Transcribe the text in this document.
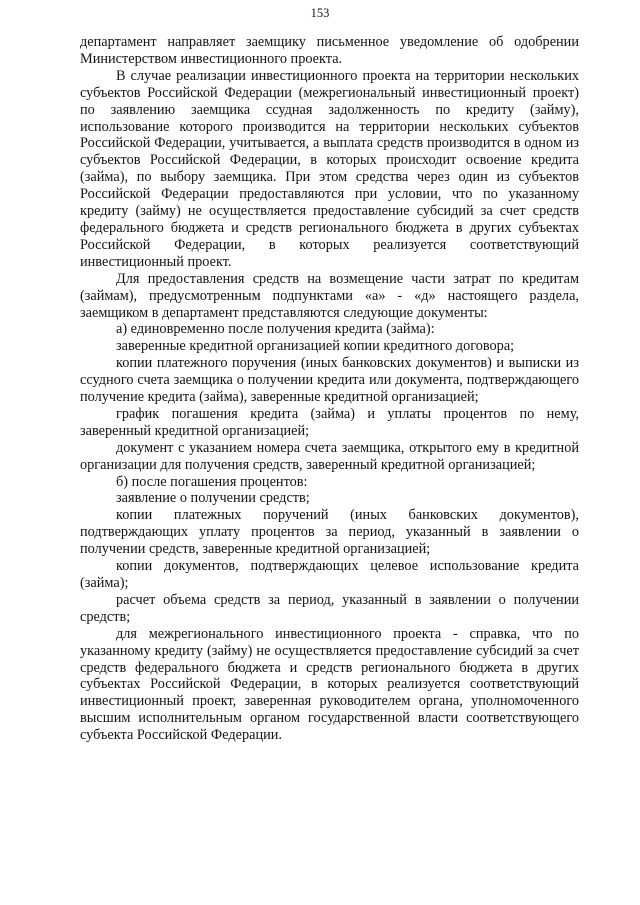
153

департамент направляет заемщику письменное уведомление об одобрении Министерством инвестиционного проекта.

В случае реализации инвестиционного проекта на территории нескольких субъектов Российской Федерации (межрегиональный инвестиционный проект) по заявлению заемщика ссудная задолженность по кредиту (займу), использование которого производится на территории нескольких субъектов Российской Федерации, учитывается, а выплата средств производится в одном из субъектов Российской Федерации, в которых происходит освоение кредита (займа), по выбору заемщика. При этом средства через один из субъектов Российской Федерации предоставляются при условии, что по указанному кредиту (займу) не осуществляется предоставление субсидий за счет средств федерального бюджета и средств регионального бюджета в других субъектах Российской Федерации, в которых реализуется соответствующий инвестиционный проект.

Для предоставления средств на возмещение части затрат по кредитам (займам), предусмотренным подпунктами «а» - «д» настоящего раздела, заемщиком в департамент представляются следующие документы:

а) единовременно после получения кредита (займа):

заверенные кредитной организацией копии кредитного договора;

копии платежного поручения (иных банковских документов) и выписки из ссудного счета заемщика о получении кредита или документа, подтверждающего получение кредита (займа), заверенные кредитной организацией;

график погашения кредита (займа) и уплаты процентов по нему, заверенный кредитной организацией;

документ с указанием номера счета заемщика, открытого ему в кредитной организации для получения средств, заверенный кредитной организацией;

б) после погашения процентов:

заявление о получении средств;

копии платежных поручений (иных банковских документов), подтверждающих уплату процентов за период, указанный в заявлении о получении средств, заверенные кредитной организацией;

копии документов, подтверждающих целевое использование кредита (займа);

расчет объема средств за период, указанный в заявлении о получении средств;

для межрегионального инвестиционного проекта - справка, что по указанному кредиту (займу) не осуществляется предоставление субсидий за счет средств федерального бюджета и средств регионального бюджета в других субъектах Российской Федерации, в которых реализуется соответствующий инвестиционный проект, заверенная руководителем органа, уполномоченного высшим исполнительным органом государственной власти соответствующего субъекта Российской Федерации.
